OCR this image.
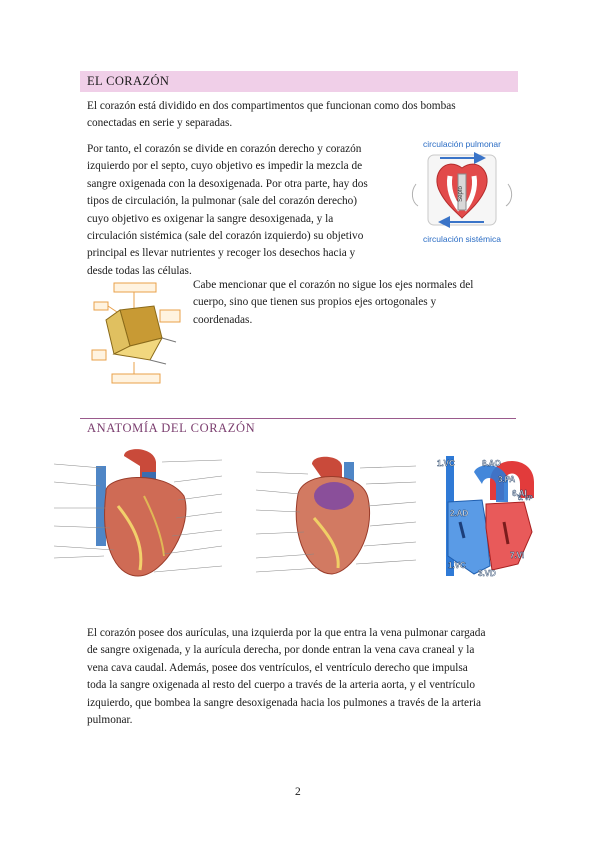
EL CORAZÓN

El corazón está dividido en dos compartimentos que funcionan como dos bombas

conectadas en serie y separadas.

Por tanto, el corazón se divide en corazón derecho y corazón

izquierdo por el septo, cuyo objetivo es impedir la mezcla de

sangre oxigenada con la desoxigenada. Por otra parte, hay dos

tipos de circulación, la pulmonar (sale del corazón derecho)

cuyo objetivo es oxigenar la sangre desoxigenada, y la

circulación sistémica (sale del corazón izquierdo) su objetivo

principal es llevar nutrientes y recoger los desechos hacia y

desde todas las células.

circulación pulmonar
circulación sistémica
Septo

Cabe mencionar que el corazón no sigue los ejes normales del

cuerpo, sino que tienen sus propios ejes ortogonales y

coordenadas.

ANATOMÍA DEL CORAZÓN
1.VC	8.AO
3.PA
6.AI
5. VP
2.AD
7.VI
1.VC
3.VD

El corazón posee dos aurículas, una izquierda por la que entra la vena pulmonar cargada

de sangre oxigenada, y la aurícula derecha, por donde entran la vena cava craneal y la

vena cava caudal. Además, posee dos ventrículos, el ventrículo derecho que impulsa

toda la sangre oxigenada al resto del cuerpo a través de la arteria aorta, y el ventrículo

izquierdo, que bombea la sangre desoxigenada hacia los pulmones a través de la arteria

pulmonar.

2
